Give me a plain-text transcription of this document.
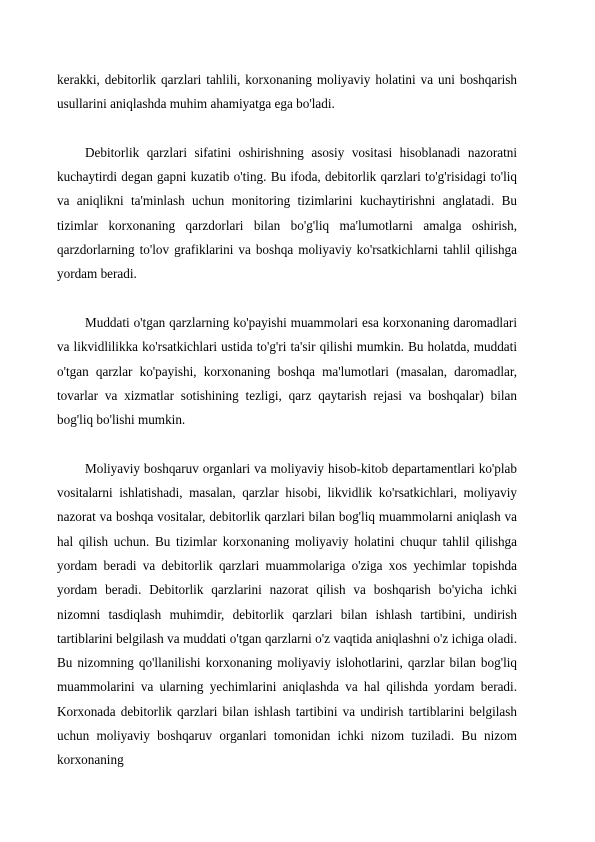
kerakki, debitorlik qarzlari tahlili, korxonaning moliyaviy holatini va uni boshqarish usullarini aniqlashda muhim ahamiyatga ega bo'ladi.

Debitorlik qarzlari sifatini oshirishning asosiy vositasi hisoblanadi nazoratni kuchaytirdi degan gapni kuzatib o'ting. Bu ifoda, debitorlik qarzlari to'g'risidagi to'liq va aniqlikni ta'minlash uchun monitoring tizimlarini kuchaytirishni anglatadi. Bu tizimlar korxonaning qarzdorlari bilan bo'g'liq ma'lumotlarni amalga oshirish, qarzdorlarning to'lov grafiklarini va boshqa moliyaviy ko'rsatkichlarni tahlil qilishga yordam beradi.

Muddati o'tgan qarzlarning ko'payishi muammolari esa korxonaning daromadlari va likvidlilikka ko'rsatkichlari ustida to'g'ri ta'sir qilishi mumkin. Bu holatda, muddati o'tgan qarzlar ko'payishi, korxonaning boshqa ma'lumotlari (masalan, daromadlar, tovarlar va xizmatlar sotishining tezligi, qarz qaytarish rejasi va boshqalar) bilan bog'liq bo'lishi mumkin.

Moliyaviy boshqaruv organlari va moliyaviy hisob-kitob departamentlari ko'plab vositalarni ishlatishadi, masalan, qarzlar hisobi, likvidlik ko'rsatkichlari, moliyaviy nazorat va boshqa vositalar, debitorlik qarzlari bilan bog'liq muammolarni aniqlash va hal qilish uchun. Bu tizimlar korxonaning moliyaviy holatini chuqur tahlil qilishga yordam beradi va debitorlik qarzlari muammolariga o'ziga xos yechimlar topishda yordam beradi. Debitorlik qarzlarini nazorat qilish va boshqarish bo'yicha ichki nizomni tasdiqlash muhimdir, debitorlik qarzlari bilan ishlash tartibini, undirish tartiblarini belgilash va muddati o'tgan qarzlarni o'z vaqtida aniqlashni o'z ichiga oladi. Bu nizomning qo'llanilishi korxonaning moliyaviy islohotlarini, qarzlar bilan bog'liq muammolarini va ularning yechimlarini aniqlashda va hal qilishda yordam beradi. Korxonada debitorlik qarzlari bilan ishlash tartibini va undirish tartiblarini belgilash uchun moliyaviy boshqaruv organlari tomonidan ichki nizom tuziladi. Bu nizom korxonaning
